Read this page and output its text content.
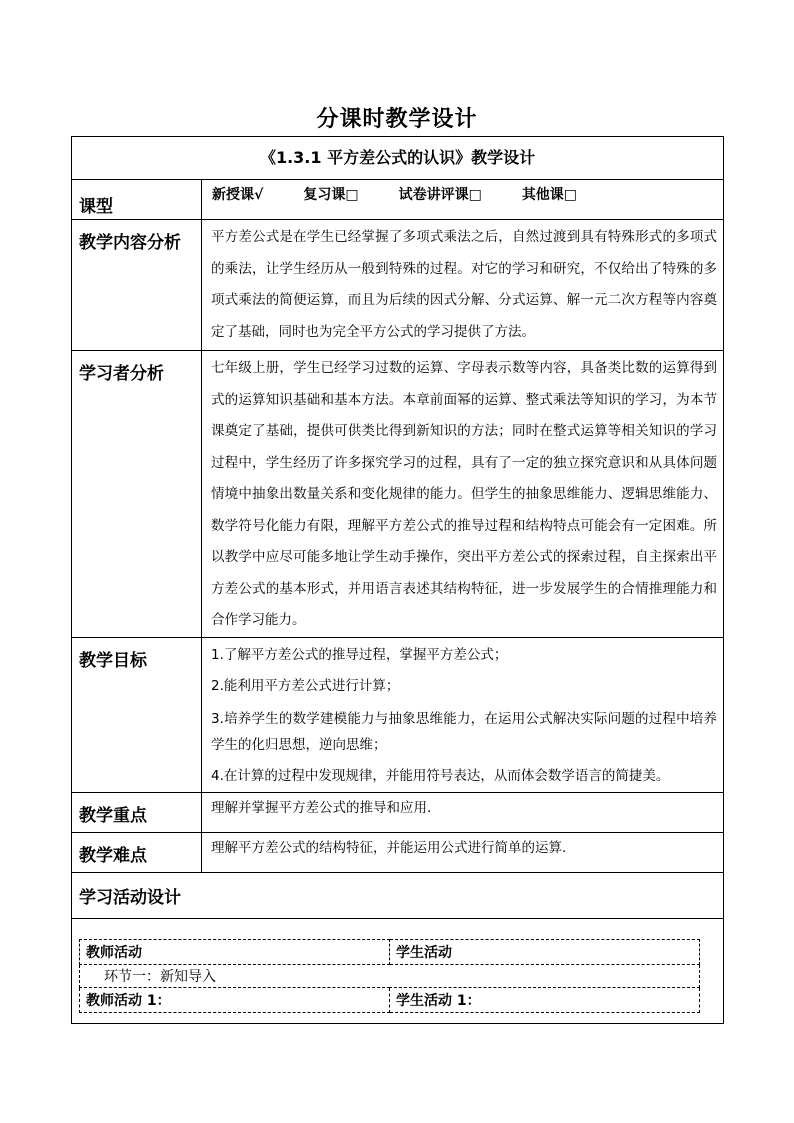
分课时教学设计
《1.3.1 平方差公式的认识》教学设计
课型	新授课√	复习课□	试卷讲评课□	其他课□
教学内容分析	平方差公式是在学生已经掌握了多项式乘法之后，自然过渡到具有特殊形式的多项式的乘法，让学生经历从一般到特殊的过程。对它的学习和研究，不仅给出了特殊的多项式乘法的简便运算，而且为后续的因式分解、分式运算、解一元二次方程等内容奠定了基础，同时也为完全平方公式的学习提供了方法。
学习者分析	七年级上册，学生已经学习过数的运算、字母表示数等内容，具备类比数的运算得到式的运算知识基础和基本方法。本章前面幂的运算、整式乘法等知识的学习，为本节课奠定了基础，提供可供类比得到新知识的方法；同时在整式运算等相关知识的学习过程中，学生经历了许多探究学习的过程，具有了一定的独立探究意识和从具体问题情境中抽象出数量关系和变化规律的能力。但学生的抽象思维能力、逻辑思维能力、数学符号化能力有限，理解平方差公式的推导过程和结构特点可能会有一定困难。所以教学中应尽可能多地让学生动手操作，突出平方差公式的探索过程，自主探索出平方差公式的基本形式，并用语言表述其结构特征，进一步发展学生的合情推理能力和合作学习能力。
教学目标	1.了解平方差公式的推导过程，掌握平方差公式；
2.能利用平方差公式进行计算；
3.培养学生的数学建模能力与抽象思维能力，在运用公式解决实际问题的过程中培养学生的化归思想，逆向思维；
4.在计算的过程中发现规律，并能用符号表达，从而体会数学语言的简捷美。

教学重点	理解并掌握平方差公式的推导和应用.
教学难点	理解平方差公式的结构特征，并能运用公式进行简单的运算.
学习活动设计

教师活动	学生活动
环节一：新知导入
教师活动 1：	学生活动 1：
